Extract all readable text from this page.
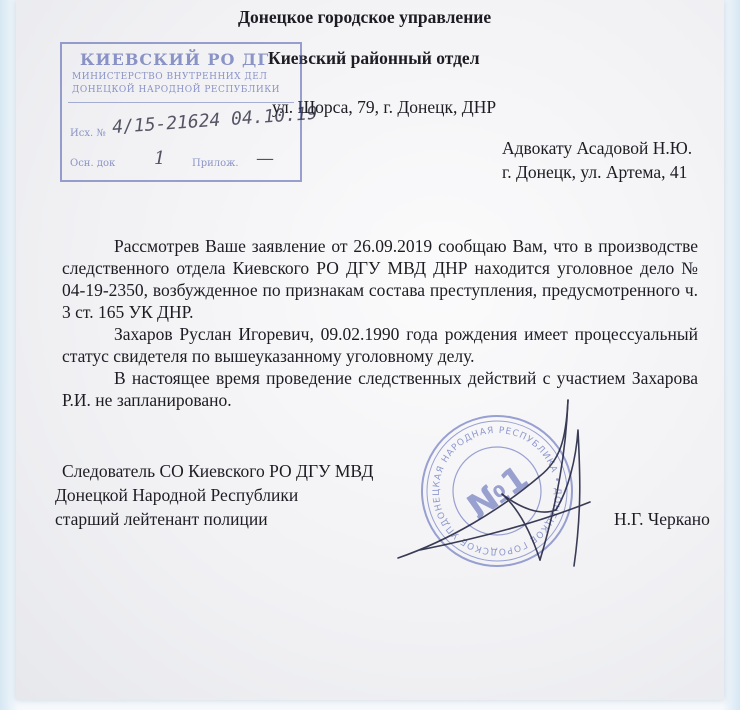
Донецкое городское управление
Киевский районный отдел
ул. Щорса, 79, г. Донецк, ДНР
Адвокату Асадовой Н.Ю.
г. Донецк, ул. Артема, 41
КИЕВСКИЙ РО ДГ
МИНИСТЕРСТВО ВНУТРЕННИХ ДЕЛ
ДОНЕЦКОЙ НАРОДНОЙ РЕСПУБЛИКИ
Исх. № 4/15-21624 04.10.19
Осн. док 1	Прилож. —
Рассмотрев Ваше заявление от 26.09.2019 сообщаю Вам, что в производстве следственного отдела Киевского РО ДГУ МВД ДНР находится уголовное дело № 04-19-2350, возбужденное по признакам состава преступления, предусмотренного ч. 3 ст. 165 УК ДНР.
Захаров Руслан Игоревич, 09.02.1990 года рождения имеет процессуальный статус свидетеля по вышеуказанному уголовному делу.
В настоящее время проведение следственных действий с участием Захарова Р.И. не запланировано.
ДОНЕЦКАЯ НАРОДНАЯ РЕСПУБЛИКА • ДОНЕЦКОЕ ГОРОДСКОЕ УПРАВЛЕНИЕ	№1
Следователь СО Киевского РО ДГУ МВД
Донецкой Народной Республики
старший лейтенант полиции	Н.Г. Черкано
